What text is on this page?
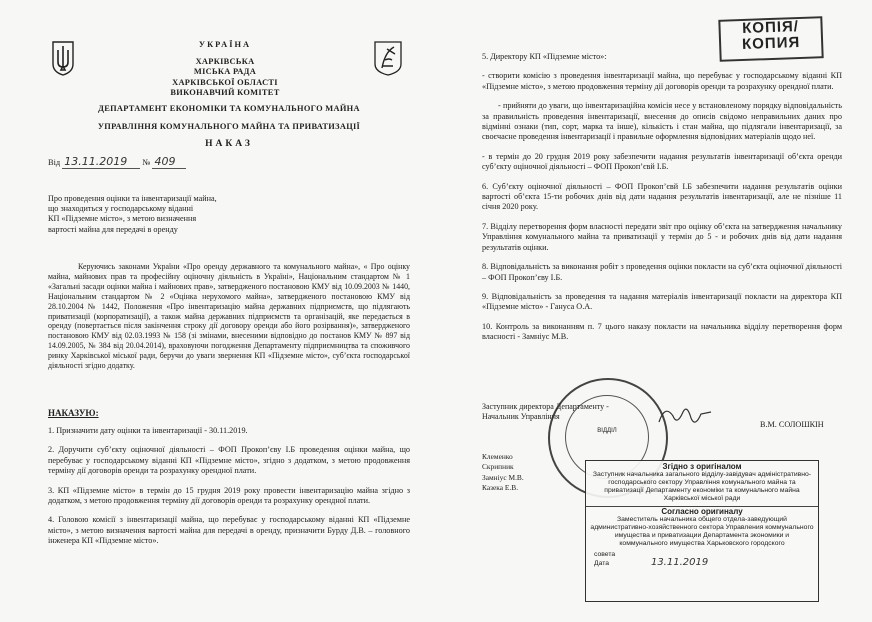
УКРАЇНА
ХАРКІВСЬКА
МІСЬКА РАДА
ХАРКІВСЬКОЇ ОБЛАСТІ
ВИКОНАВЧИЙ КОМІТЕТ
ДЕПАРТАМЕНТ ЕКОНОМІКИ ТА КОМУНАЛЬНОГО МАЙНА
УПРАВЛІННЯ КОМУНАЛЬНОГО МАЙНА ТА ПРИВАТИЗАЦІЇ
НАКАЗ
Від 13.11.2019 № 409
КОПІЯ/
КОПИЯ
Про проведення оцінки та інвентаризації майна,
що знаходиться у господарському віданні
КП «Підземне місто», з метою визначення
вартості майна для передачі в оренду

Керуючись законами України «Про оренду державного та комунального майна», « Про оцінку майна, майнових прав та професійну оціночну діяльність в Україні», Національним стандартом № 1 «Загальні засади оцінки майна і майнових прав», затвердженого постановою КМУ від 10.09.2003 № 1440, Національним стандартом № 2 «Оцінка нерухомого майна», затвердженого постановою КМУ від 28.10.2004 № 1442, Положення «Про інвентаризацію майна державних підприємств, що підлягають приватизації (корпоратизації), а також майна державних підприємств та організацій, яке передається в оренду (повертається після закінчення строку дії договору оренди або його розірвання)», затвердженого постановою КМУ від 02.03.1993 № 158 (зі змінами, внесеними відповідно до постанов КМУ № 897 від 14.09.2005, № 384 від 20.04.2014), враховуючи погодження Департаменту підприємництва та споживчого ринку Харківської міської ради, беручи до уваги звернення КП «Підземне місто», суб’єкта господарської діяльності згідно додатку.

НАКАЗУЮ:

1. Призначити дату оцінки та інвентаризації - 30.11.2019.

2. Доручити суб’єкту оціночної діяльності – ФОП Прокоп’єву І.Б проведення оцінки майна, що перебуває у господарському віданні КП «Підземне місто», згідно з додатком, з метою продовження терміну дії договорів оренди та розрахунку орендної плати.

3. КП «Підземне місто» в термін до 15 грудня 2019 року провести інвентаризацію майна згідно з додатком, з метою продовження терміну дії договорів оренди та розрахунку орендної плати.

4. Головою комісії з інвентаризації майна, що перебуває у господарському віданні КП «Підземне місто», з метою визначення вартості майна для передачі в оренду, призначити Бурду Д.В. – головного інженера КП «Підземне місто».

5. Директору КП «Підземне місто»:

- створити комісію з проведення інвентаризації майна, що перебуває у господарському віданні КП «Підземне місто», з метою продовження терміну дії договорів оренди та розрахунку орендної плати.

- прийняти до уваги, що інвентаризаційна комісія несе у встановленому порядку відповідальність за правильність проведення інвентаризації, внесення до описів свідомо неправильних даних про відмінні ознаки (тип, сорт, марка та інше), кількість і стан майна, що підлягали інвентаризації, за своєчасне проведення інвентаризації і правильне оформлення відповідних матеріалів щодо неї.

- в термін до 20 грудня 2019 року забезпечити надання результатів інвентаризації об’єкта оренди суб’єкту оціночної діяльності – ФОП Прокоп’євй І.Б.

6. Суб’єкту оціночної діяльності – ФОП Прокоп’євй І.Б забезпечити надання результатів оцінки вартості об’єкта 15-ти робочих днів від дати надання результатів інвентаризації, але не пізніше 11 січня 2020 року.

7. Відділу перетворення форм власності передати звіт про оцінку об’єкта на затвердження начальнику Управління комунального майна та приватизації у термін до 5 - и робочих днів від дати надання результатів оцінки.

8. Відповідальність за виконання робіт з проведення оцінки покласти на суб’єкта оціночної діяльності – ФОП Прокоп’єву І.Б.

9. Відповідальність за проведення та надання матеріалів інвентаризації покласти на директора КП «Підземне місто» - Гануса О.А.

10. Контроль за виконанням п. 7 цього наказу покласти на начальника відділу перетворення форм власності - Замніус М.В.

ВІДДІЛ
Заступник директора Департаменту -
Начальник Управління
В.М. СОЛОШКІН
Клеменко
Скрипник
Замніус М.В.
Казека Е.В.
Згідно з оригіналом
Заступник начальника загального відділу-завідувач адміністративно-господарського сектору Управління комунального майна та приватизації Департаменту економіки та комунального майна Харківської міської ради
Согласно оригиналу
Заместитель начальника общего отдела-заведующий административно-хозяйственного сектора Управления коммунального имущества и приватизации Департамента экономики и коммунального имущества Харьковского городского
совета
Дата	13.11.2019
